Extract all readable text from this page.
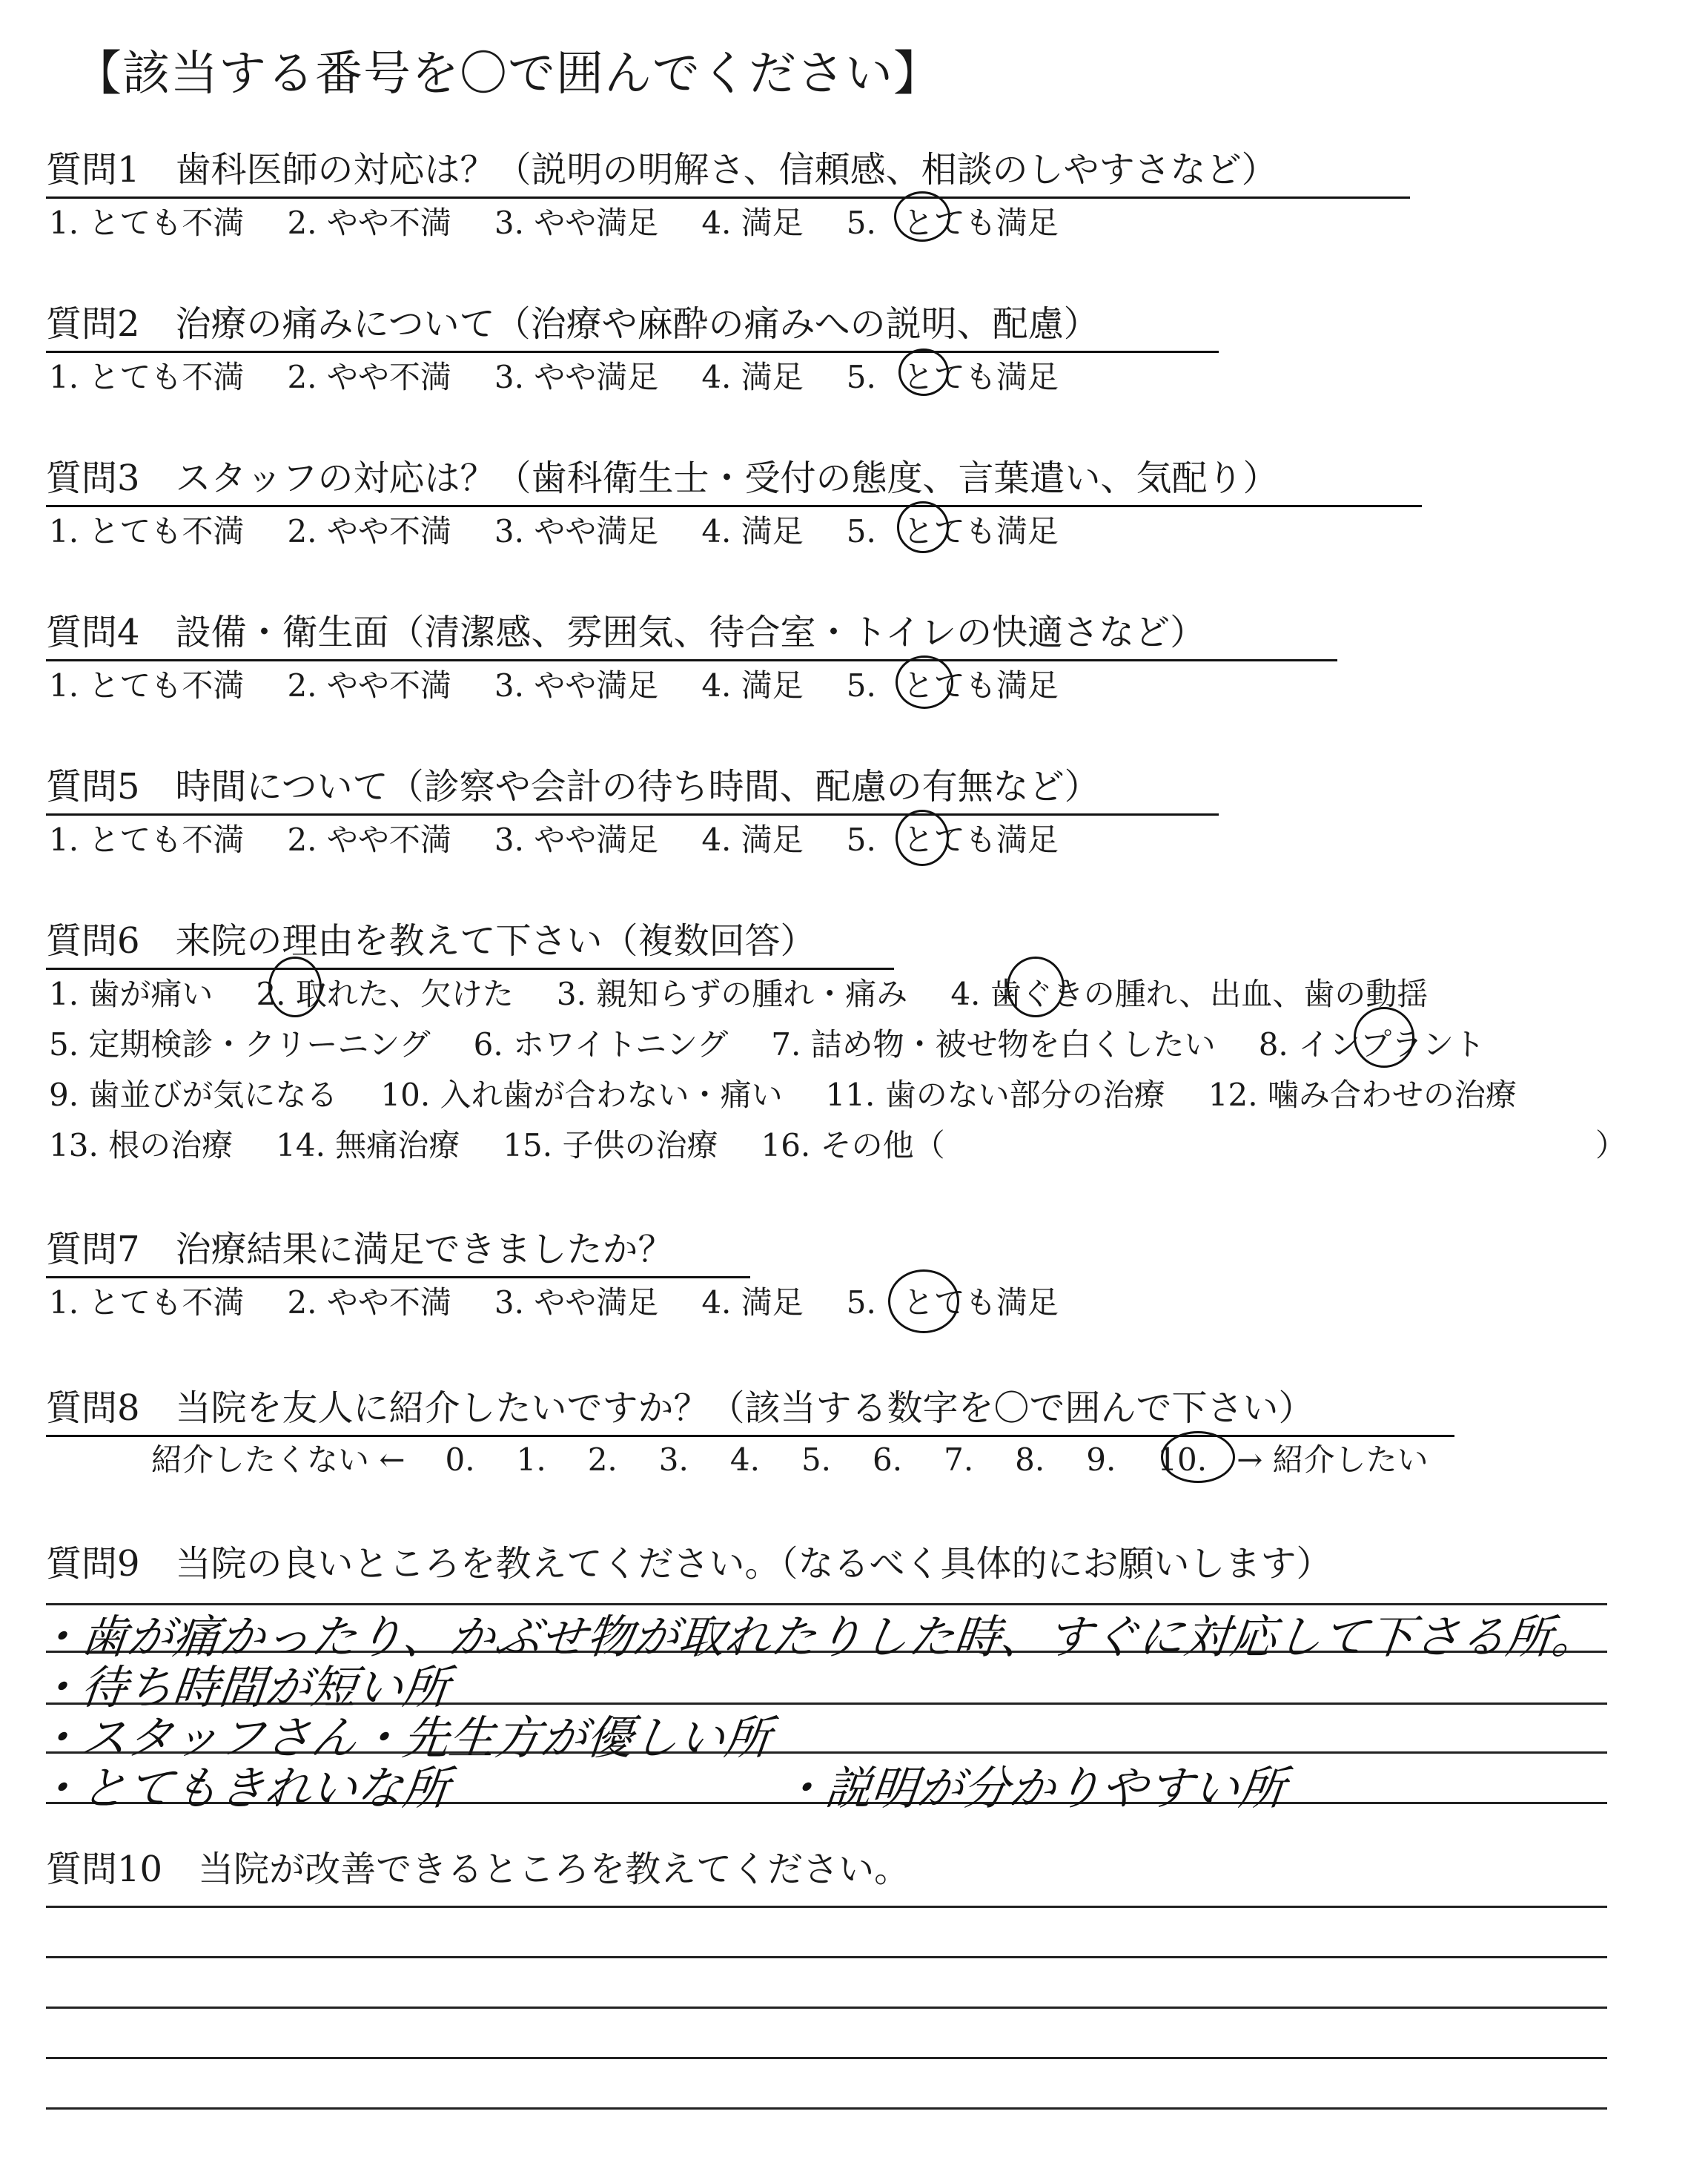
【該当する番号を〇で囲んでください】
質問1　歯科医師の対応は？（説明の明解さ、信頼感、相談のしやすさなど）
1. とても不満 2. やや不満 3. やや満足 4. 満足 5. とても満足
質問2　治療の痛みについて（治療や麻酔の痛みへの説明、配慮）
1. とても不満 2. やや不満 3. やや満足 4. 満足 5. とても満足
質問3　スタッフの対応は？（歯科衛生士・受付の態度、言葉遣い、気配り）
1. とても不満 2. やや不満 3. やや満足 4. 満足 5. とても満足
質問4　設備・衛生面（清潔感、雰囲気、待合室・トイレの快適さなど）
1. とても不満 2. やや不満 3. やや満足 4. 満足 5. とても満足
質問5　時間について（診察や会計の待ち時間、配慮の有無など）
1. とても不満 2. やや不満 3. やや満足 4. 満足 5. とても満足
質問6　来院の理由を教えて下さい（複数回答）
1. 歯が痛い 2. 取れた、欠けた 3. 親知らずの腫れ・痛み 4. 歯ぐきの腫れ、出血、歯の動揺
5. 定期検診・クリーニング 6. ホワイトニング 7. 詰め物・被せ物を白くしたい 8. インプラント
9. 歯並びが気になる 10. 入れ歯が合わない・痛い 11. 歯のない部分の治療 12. 噛み合わせの治療
13. 根の治療 14. 無痛治療 15. 子供の治療 16. その他（	）
質問7　治療結果に満足できましたか？
1. とても不満 2. やや不満 3. やや満足 4. 満足 5. とても満足
質問8　当院を友人に紹介したいですか？（該当する数字を〇で囲んで下さい）
紹介したくない ← 0. 1. 2. 3. 4. 5. 6. 7. 8. 9. 10. → 紹介したい
質問9　当院の良いところを教えてください。（なるべく具体的にお願いします）
・歯が痛かったり、かぶせ物が取れたりした時、すぐに対応して下さる所。
・待ち時間が短い所
・スタッフさん・先生方が優しい所
・とてもきれいな所	・説明が分かりやすい所
質問10　当院が改善できるところを教えてください。
